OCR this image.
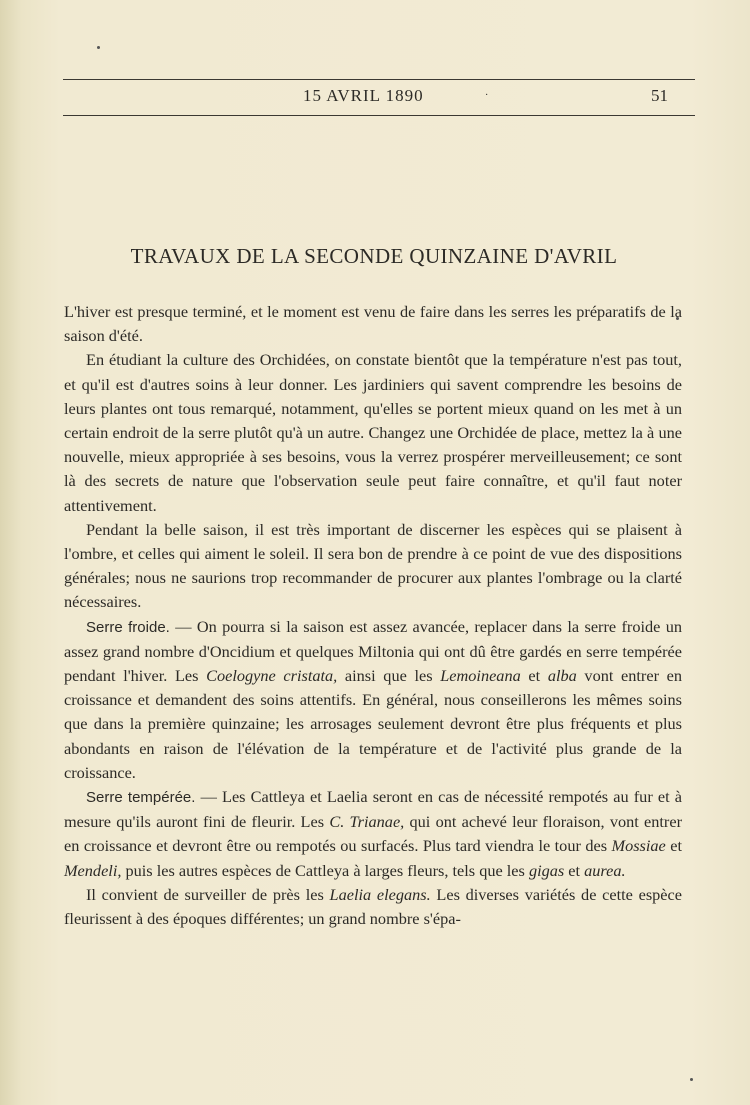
15 AVRIL 1890	·	51
TRAVAUX DE LA SECONDE QUINZAINE D'AVRIL

L'hiver est presque terminé, et le moment est venu de faire dans les serres les préparatifs de la saison d'été.

En étudiant la culture des Orchidées, on constate bientôt que la température n'est pas tout, et qu'il est d'autres soins à leur donner. Les jardiniers qui savent comprendre les besoins de leurs plantes ont tous remarqué, notamment, qu'elles se portent mieux quand on les met à un certain endroit de la serre plutôt qu'à un autre. Changez une Orchidée de place, mettez la à une nouvelle, mieux appropriée à ses besoins, vous la verrez prospérer merveilleusement; ce sont là des secrets de nature que l'observation seule peut faire connaître, et qu'il faut noter attentivement.

Pendant la belle saison, il est très important de discerner les espèces qui se plaisent à l'ombre, et celles qui aiment le soleil. Il sera bon de prendre à ce point de vue des dispositions générales; nous ne saurions trop recommander de procurer aux plantes l'ombrage ou la clarté nécessaires.

Serre froide. — On pourra si la saison est assez avancée, replacer dans la serre froide un assez grand nombre d'Oncidium et quelques Miltonia qui ont dû être gardés en serre tempérée pendant l'hiver. Les Coelogyne cristata, ainsi que les Lemoineana et alba vont entrer en croissance et demandent des soins attentifs. En général, nous conseillerons les mêmes soins que dans la première quinzaine; les arrosages seulement devront être plus fréquents et plus abondants en raison de l'élévation de la température et de l'activité plus grande de la croissance.

Serre tempérée. — Les Cattleya et Laelia seront en cas de nécessité rempotés au fur et à mesure qu'ils auront fini de fleurir. Les C. Trianae, qui ont achevé leur floraison, vont entrer en croissance et devront être ou rempotés ou surfacés. Plus tard viendra le tour des Mossiae et Mendeli, puis les autres espèces de Cattleya à larges fleurs, tels que les gigas et aurea.

Il convient de surveiller de près les Laelia elegans. Les diverses variétés de cette espèce fleurissent à des époques différentes; un grand nombre s'épa-
